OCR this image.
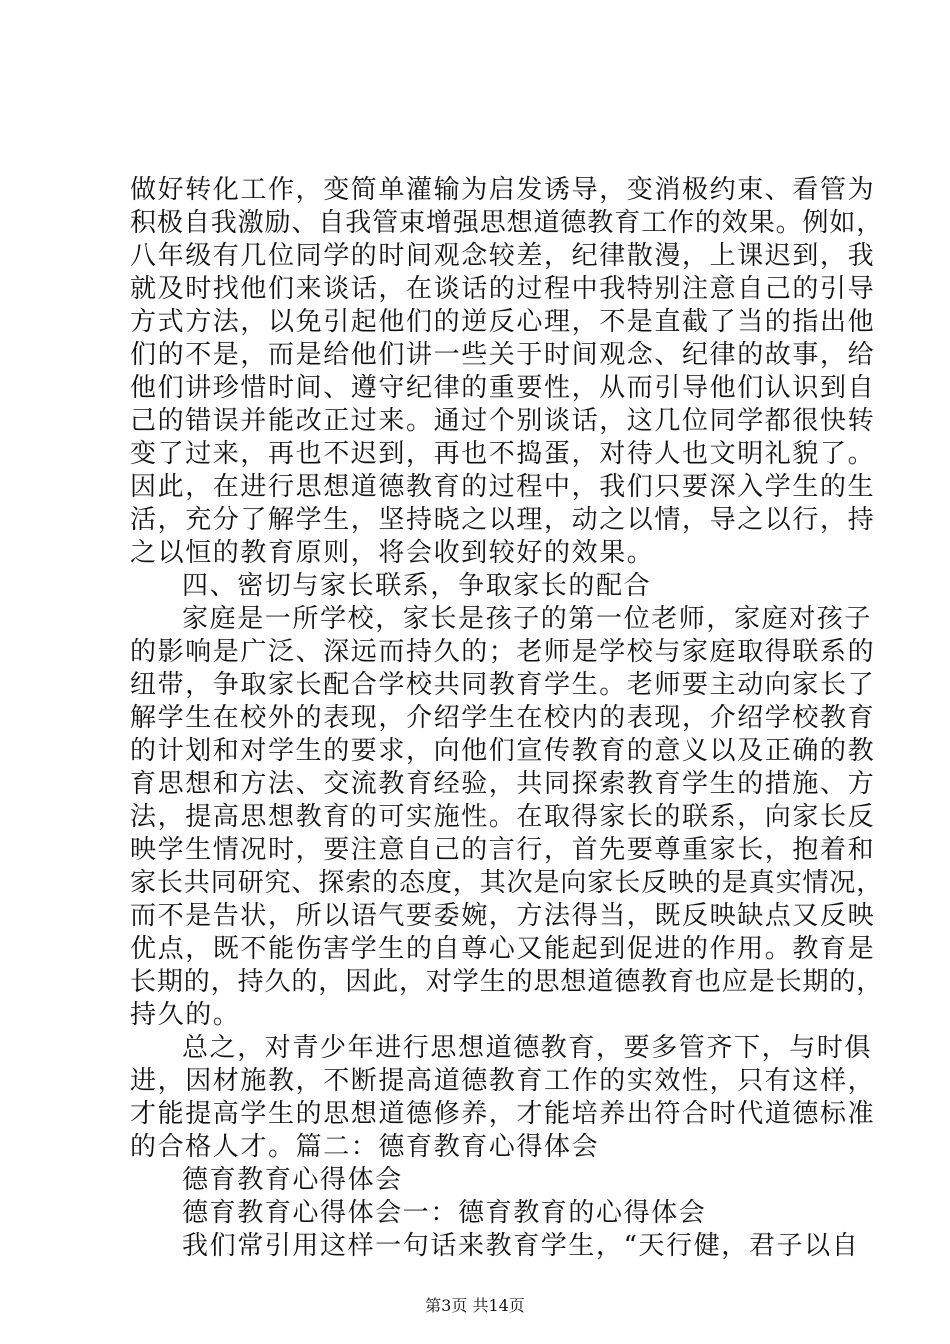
做好转化工作，变简单灌输为启发诱导，变消极约束、看管为
积极自我激励、自我管束增强思想道德教育工作的效果。例如，
八年级有几位同学的时间观念较差，纪律散漫，上课迟到，我
就及时找他们来谈话，在谈话的过程中我特别注意自己的引导
方式方法，以免引起他们的逆反心理，不是直截了当的指出他
们的不是，而是给他们讲一些关于时间观念、纪律的故事，给
他们讲珍惜时间、遵守纪律的重要性，从而引导他们认识到自
己的错误并能改正过来。通过个别谈话，这几位同学都很快转
变了过来，再也不迟到，再也不捣蛋，对待人也文明礼貌了。
因此，在进行思想道德教育的过程中，我们只要深入学生的生
活，充分了解学生，坚持晓之以理，动之以情，导之以行，持
之以恒的教育原则，将会收到较好的效果。
四、密切与家长联系，争取家长的配合
家庭是一所学校，家长是孩子的第一位老师，家庭对孩子
的影响是广泛、深远而持久的；老师是学校与家庭取得联系的
纽带，争取家长配合学校共同教育学生。老师要主动向家长了
解学生在校外的表现，介绍学生在校内的表现，介绍学校教育
的计划和对学生的要求，向他们宣传教育的意义以及正确的教
育思想和方法、交流教育经验，共同探索教育学生的措施、方
法，提高思想教育的可实施性。在取得家长的联系，向家长反
映学生情况时，要注意自己的言行，首先要尊重家长，抱着和
家长共同研究、探索的态度，其次是向家长反映的是真实情况，
而不是告状，所以语气要委婉，方法得当，既反映缺点又反映
优点，既不能伤害学生的自尊心又能起到促进的作用。教育是
长期的，持久的，因此，对学生的思想道德教育也应是长期的，
持久的。
总之，对青少年进行思想道德教育，要多管齐下，与时俱
进，因材施教，不断提高道德教育工作的实效性，只有这样，
才能提高学生的思想道德修养，才能培养出符合时代道德标准
的合格人才。篇二：德育教育心得体会
德育教育心得体会
德育教育心得体会一：德育教育的心得体会
我们常引用这样一句话来教育学生，“天行健，君子以自
第3页 共14页
